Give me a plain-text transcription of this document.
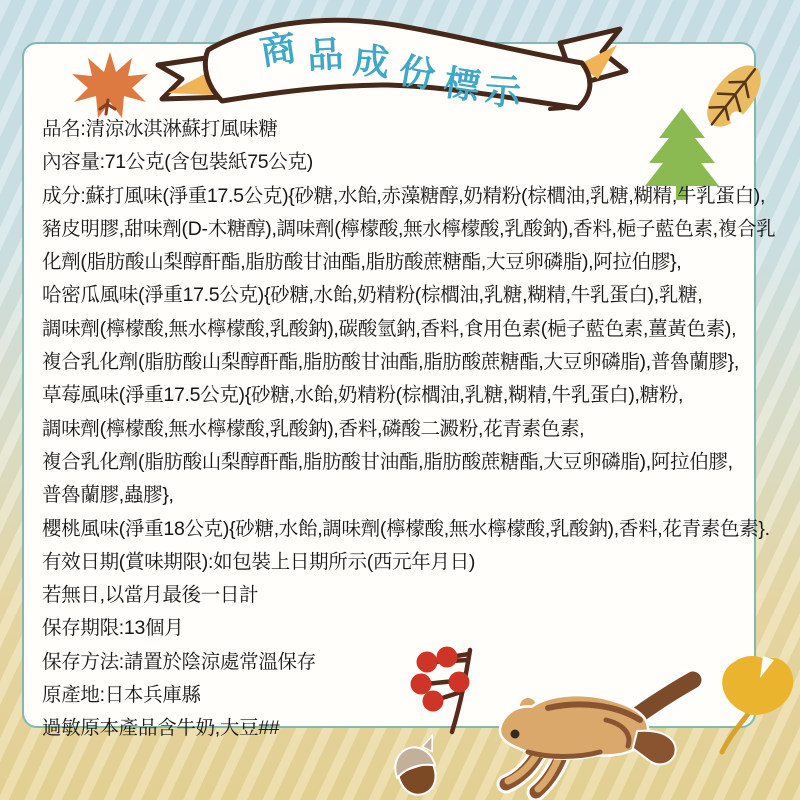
商 品 成 份 標 示
品名:清涼冰淇淋蘇打風味糖
內容量:71公克(含包裝紙75公克)
成分:蘇打風味(淨重17.5公克){砂糖,水飴,赤藻糖醇,奶精粉(棕櫚油,乳糖,糊精,牛乳蛋白),
豬皮明膠,甜味劑(D-木糖醇),調味劑(檸檬酸,無水檸檬酸,乳酸鈉),香料,梔子藍色素,複合乳
化劑(脂肪酸山梨醇酐酯,脂肪酸甘油酯,脂肪酸蔗糖酯,大豆卵磷脂),阿拉伯膠},
哈密瓜風味(淨重17.5公克){砂糖,水飴,奶精粉(棕櫚油,乳糖,糊精,牛乳蛋白),乳糖,
調味劑(檸檬酸,無水檸檬酸,乳酸鈉),碳酸氫鈉,香料,食用色素(梔子藍色素,薑黃色素),
複合乳化劑(脂肪酸山梨醇酐酯,脂肪酸甘油酯,脂肪酸蔗糖酯,大豆卵磷脂),普魯蘭膠},
草莓風味(淨重17.5公克){砂糖,水飴,奶精粉(棕櫚油,乳糖,糊精,牛乳蛋白),糖粉,
調味劑(檸檬酸,無水檸檬酸,乳酸鈉),香料,磷酸二澱粉,花青素色素,
複合乳化劑(脂肪酸山梨醇酐酯,脂肪酸甘油酯,脂肪酸蔗糖酯,大豆卵磷脂),阿拉伯膠,
普魯蘭膠,蟲膠},
櫻桃風味(淨重18公克){砂糖,水飴,調味劑(檸檬酸,無水檸檬酸,乳酸鈉),香料,花青素色素}.
有效日期(賞味期限):如包裝上日期所示(西元年月日)
若無日,以當月最後一日計
保存期限:13個月
保存方法:請置於陰涼處常溫保存
原產地:日本兵庫縣
過敏原本產品含牛奶,大豆##
